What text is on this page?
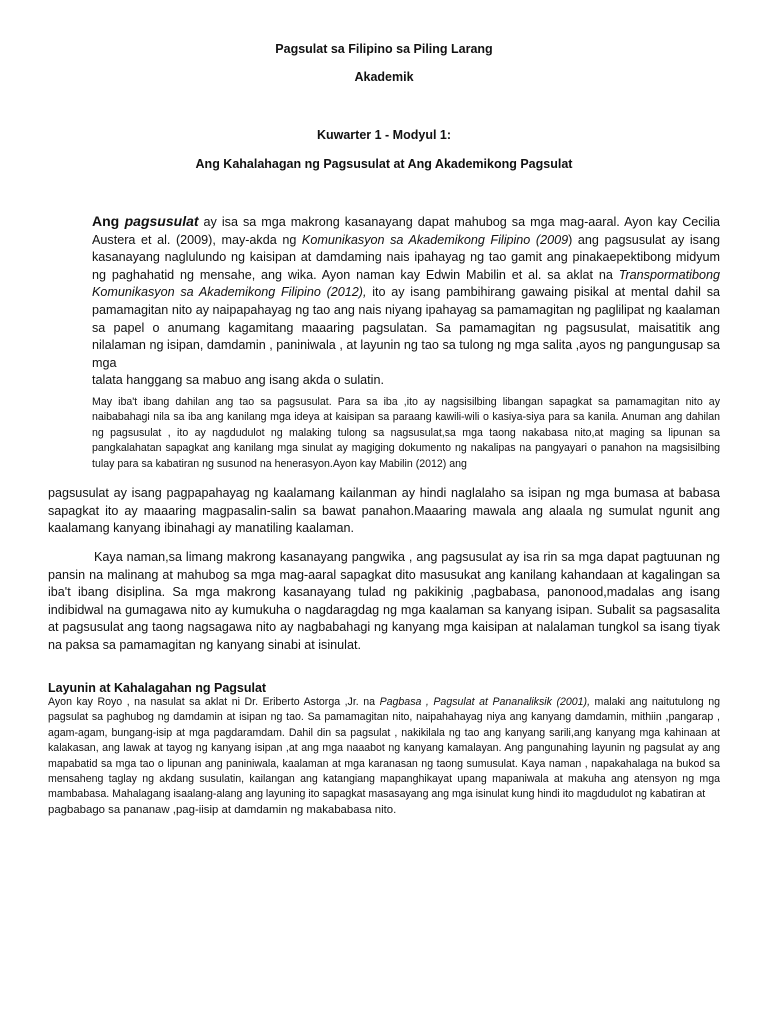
Pagsulat sa Filipino sa Piling Larang
Akademik
Kuwarter 1 - Modyul 1:
Ang Kahalahagan ng Pagsusulat at Ang Akademikong Pagsulat
Ang pagsusulat ay isa sa mga makrong kasanayang dapat mahubog sa mga mag-aaral. Ayon kay Cecilia Austera et al. (2009), may-akda ng Komunikasyon sa Akademikong Filipino (2009) ang pagsusulat ay isang kasanayang naglulundo ng kaisipan at damdaming nais ipahayag ng tao gamit ang pinakaepektibong midyum ng paghahatid ng mensahe, ang wika. Ayon naman kay Edwin Mabilin et al. sa aklat na Transpormatibong Komunikasyon sa Akademikong Filipino (2012), ito ay isang pambihirang gawaing pisikal at mental dahil sa pamamagitan nito ay naipapahayag ng tao ang nais niyang ipahayag sa pamamagitan ng paglilipat ng kaalaman sa papel o anumang kagamitang maaaring pagsulatan. Sa pamamagitan ng pagsusulat, maisatitik ang nilalaman ng isipan, damdamin , paniniwala , at layunin ng tao sa tulong ng mga salita ,ayos ng pangungusap sa mga
talata hanggang sa mabuo ang isang akda o sulatin.
May iba't ibang dahilan ang tao sa pagsusulat. Para sa iba ,ito ay nagsisilbing libangan sapagkat sa pamamagitan nito ay naibabahagi nila sa iba ang kanilang mga ideya at kaisipan sa paraang kawili-wili o kasiya-siya para sa kanila. Anuman ang dahilan ng pagsusulat , ito ay nagdudulot ng malaking tulong sa nagsusulat,sa mga taong nakabasa nito,at maging sa lipunan sa pangkalahatan sapagkat ang kanilang mga sinulat ay magiging dokumento ng nakalipas na pangyayari o panahon na magsisilbing tulay para sa kabatiran ng susunod na henerasyon.Ayon kay Mabilin (2012) ang
pagsusulat ay isang pagpapahayag ng kaalamang kailanman ay hindi naglalaho sa isipan ng mga bumasa at babasa sapagkat ito ay maaaring magpasalin-salin sa bawat panahon.Maaaring mawala ang alaala ng sumulat ngunit ang kaalamang kanyang ibinahagi ay manatiling kaalaman.
Kaya naman,sa limang makrong kasanayang pangwika , ang pagsusulat ay isa rin sa mga dapat pagtuunan ng pansin na malinang at mahubog sa mga mag-aaral sapagkat dito masusukat ang kanilang kahandaan at kagalingan sa iba't ibang disiplina. Sa mga makrong kasanayang tulad ng pakikinig ,pagbabasa, panonood,madalas ang isang indibidwal na gumagawa nito ay kumukuha o nagdaragdag ng mga kaalaman sa kanyang isipan. Subalit sa pagsasalita at pagsusulat ang taong nagsagawa nito ay nagbabahagi ng kanyang mga kaisipan at nalalaman tungkol sa isang tiyak na paksa sa pamamagitan ng kanyang sinabi at isinulat.
Layunin at Kahalagahan ng Pagsulat
Ayon kay Royo , na nasulat sa aklat ni Dr. Eriberto Astorga ,Jr. na Pagbasa , Pagsulat at Pananaliksik (2001), malaki ang naitutulong ng pagsulat sa paghubog ng damdamin at isipan ng tao. Sa pamamagitan nito, naipahahayag niya ang kanyang damdamin, mithiin ,pangarap , agam-agam, bungang-isip at mga pagdaramdam. Dahil din sa pagsulat , nakikilala ng tao ang kanyang sarili,ang kanyang mga kahinaan at kalakasan, ang lawak at tayog ng kanyang isipan ,at ang mga naaabot ng kanyang kamalayan. Ang pangunahing layunin ng pagsulat ay ang mapabatid sa mga tao o lipunan ang paniniwala, kaalaman at mga karanasan ng taong sumusulat. Kaya naman , napakahalaga na bukod sa mensaheng taglay ng akdang susulatin, kailangan ang katangiang mapanghikayat upang mapaniwala at makuha ang atensyon ng mga mambabasa. Mahalagang isaalang-alang ang layuning ito sapagkat masasayang ang mga isinulat kung hindi ito magdudulot ng kabatiran at
pagbabago sa pananaw ,pag-iisip at damdamin ng makababasa nito.
